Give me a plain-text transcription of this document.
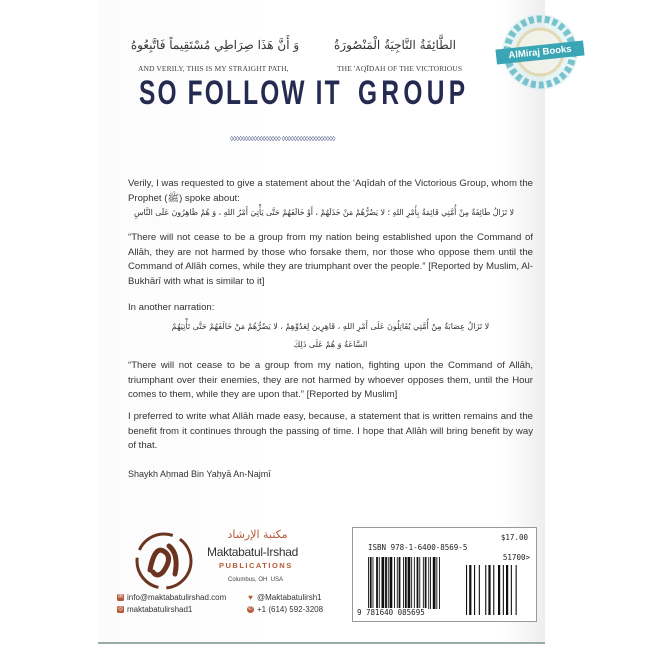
وَ أَنَّ هَذَا صِرَاطِي مُسْتَقِيماً فَاتَّبِعُوهُ
AND VERILY, THIS IS MY STRAIGHT PATH,
SO FOLLOW IT
الطَّائِفَةُ النَّاجِيَةُ الْمَنْصُورَةُ
THE 'AQĪDAH OF THE VICTORIOUS
GROUP
AlMiraj Books
◊◊◊◊◊◊◊◊◊◊◊◊◊◊◊◊◊ ◊◊◊◊◊◊◊◊◊◊◊◊◊◊◊◊◊◊
Verily, I was requested to give a statement about the ‘Aqīdah of the Victorious Group, whom the Prophet (ﷺ) spoke about:
لا تَزَالُ طَائِفَةٌ مِنْ أُمَّتِي قَائِمَةٌ بِأَمْرِ اللهِ ؛ لا يَضُرُّهُمْ مَنْ خَذَلَهُمْ ، أَوْ خَالَفَهُمْ حَتَّى يَأْتِيَ أَمْرُ اللهِ ، وَ هُمْ ظَاهِرُونَ عَلَى النَّاسِ
“There will not cease to be a group from my nation being established upon the Command of Allāh, they are not harmed by those who forsake them, nor those who oppose them until the Command of Allāh comes, while they are triumphant over the people.” [Reported by Muslim, Al-Bukhārī with what is similar to it]
In another narration:
لا تَزَالُ عِصَابَةٌ مِنْ أُمَّتِي يُقَاتِلُونَ عَلَى أَمْرِ اللهِ ، قَاهِرِينَ لِعَدُوِّهِمْ ، لا يَضُرُّهُمْ مَنْ خَالَفَهُمْ حَتَّى تَأْتِيَهُمْ
السَّاعَةُ وَ هُمْ عَلَى ذَلِكَ
“There will not cease to be a group from my nation, fighting upon the Command of Allāh, triumphant over their enemies, they are not harmed by whoever opposes them, until the Hour comes to them, while they are upon that.” [Reported by Muslim]
I preferred to write what Allāh made easy, because, a statement that is written remains and the benefit from it continues through the passing of time. I hope that Allāh will bring benefit by way of that.
Shaykh Aḥmad Bin Yaḥyā An-Najmī
مكتبة الإرشاد
Maktabatul-Irshad
PUBLICATIONS
Columbus, OH  USA
✉ info@maktabatulirshad.com
◎ maktabatulirshad1
♥ @Maktabatulirsh1
✆ +1 (614) 592-3208
$17.00
ISBN 978-1-6400-8569-5
51700>
9 781640 085695
